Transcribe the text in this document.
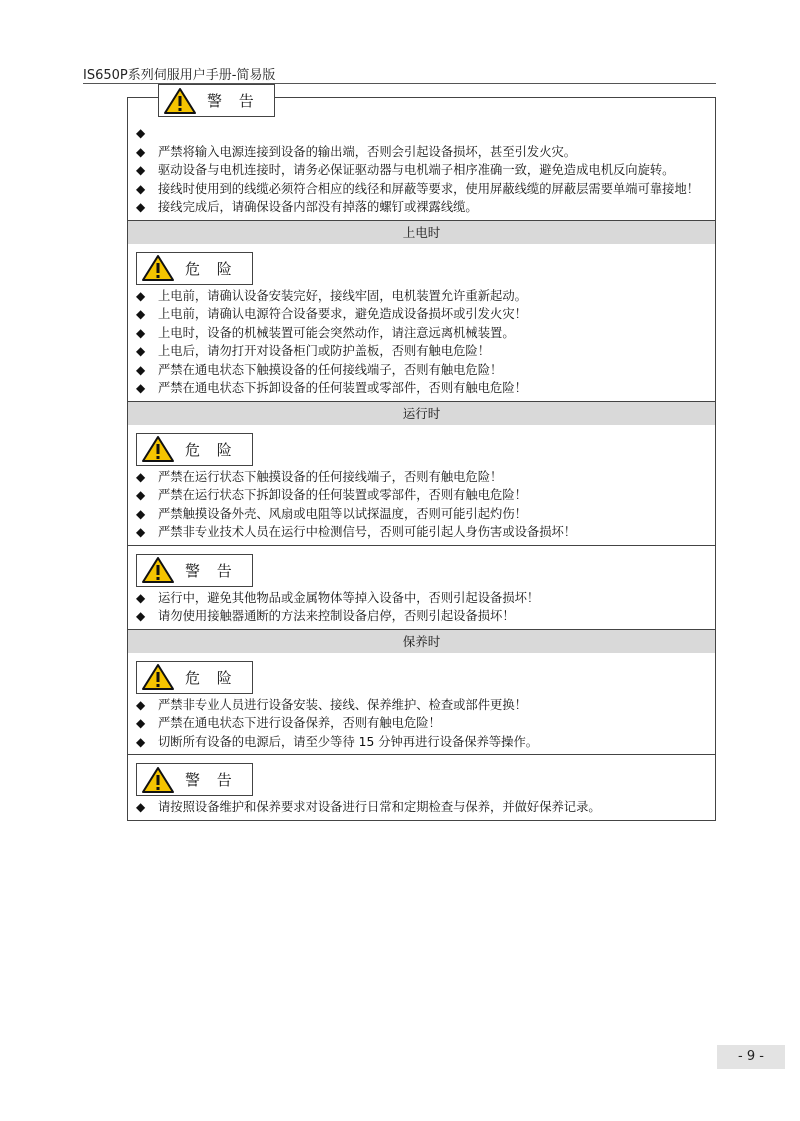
IS650P系列伺服用户手册-简易版
警 告
◆
◆	严禁将输入电源连接到设备的输出端，否则会引起设备损坏，甚至引发火灾。
◆	驱动设备与电机连接时，请务必保证驱动器与电机端子相序准确一致，避免造成电机反向旋转。
◆	接线时使用到的线缆必须符合相应的线径和屏蔽等要求，使用屏蔽线缆的屏蔽层需要单端可靠接地！
◆	接线完成后，请确保设备内部没有掉落的螺钉或裸露线缆。
上电时
危 险
◆	上电前，请确认设备安装完好，接线牢固，电机装置允许重新起动。
◆	上电前，请确认电源符合设备要求，避免造成设备损坏或引发火灾！
◆	上电时，设备的机械装置可能会突然动作，请注意远离机械装置。
◆	上电后，请勿打开对设备柜门或防护盖板，否则有触电危险！
◆	严禁在通电状态下触摸设备的任何接线端子，否则有触电危险！
◆	严禁在通电状态下拆卸设备的任何装置或零部件，否则有触电危险！
运行时
危 险
◆	严禁在运行状态下触摸设备的任何接线端子，否则有触电危险！
◆	严禁在运行状态下拆卸设备的任何装置或零部件，否则有触电危险！
◆	严禁触摸设备外壳、风扇或电阻等以试探温度，否则可能引起灼伤！
◆	严禁非专业技术人员在运行中检测信号，否则可能引起人身伤害或设备损坏！
警 告
◆	运行中，避免其他物品或金属物体等掉入设备中，否则引起设备损坏！
◆	请勿使用接触器通断的方法来控制设备启停，否则引起设备损坏！
保养时
危 险
◆	严禁非专业人员进行设备安装、接线、保养维护、检查或部件更换！
◆	严禁在通电状态下进行设备保养，否则有触电危险！
◆	切断所有设备的电源后，请至少等待 15 分钟再进行设备保养等操作。
警 告
◆	请按照设备维护和保养要求对设备进行日常和定期检查与保养，并做好保养记录。
- 9 -
